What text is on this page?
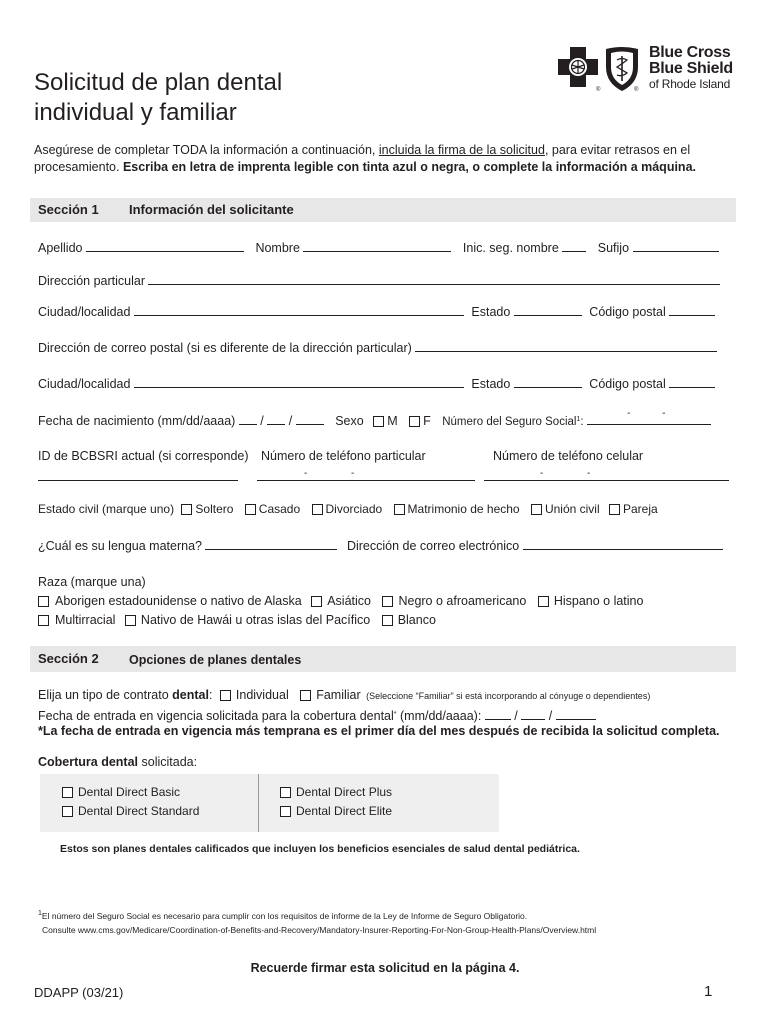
Solicitud de plan dental
individual y familiar
®	®
Blue Cross
Blue Shield
of Rhode Island
Asegúrese de completar TODA la información a continuación, incluida la firma de la solicitud, para evitar retrasos en el procesamiento. Escriba en letra de imprenta legible con tinta azul o negra, o complete la información a máquina.
Sección 1 Información del solicitante
Apellido	Nombre	Inic. seg. nombre	Sufijo
Dirección particular
Ciudad/localidad	Estado	Código postal
Dirección de correo postal (si es diferente de la dirección particular)
Ciudad/localidad	Estado	Código postal
Fecha de nacimiento (mm/dd/aaaa) / /	Sexo M F Número del Seguro Social$^1$:
-	-
ID de BCBSRI actual (si corresponde) Número de teléfono particular	Número de teléfono celular
-	-	-	-
Estado civil (marque uno) Soltero Casado Divorciado Matrimonio de hecho Unión civil Pareja
¿Cuál es su lengua materna?	Dirección de correo electrónico
Raza (marque una)
Aborigen estadounidense o nativo de Alaska Asiático Negro o afroamericano Hispano o latino
Multirracial Nativo de Hawái u otras islas del Pacífico Blanco
Sección 2 Opciones de planes dentales
Elija un tipo de contrato dental: Individual Familiar (Seleccione “Familiar” si está incorporando al cónyuge o dependientes)
Fecha de entrada en vigencia solicitada para la cobertura dental* (mm/dd/aaaa):	/ /
*La fecha de entrada en vigencia más temprana es el primer día del mes después de recibida la solicitud completa.
Cobertura dental solicitada:
Dental Direct Basic
Dental Direct Standard
Dental Direct Plus
Dental Direct Elite
Estos son planes dentales calificados que incluyen los beneficios esenciales de salud dental pediátrica.
$^1$El número del Seguro Social es necesario para cumplir con los requisitos de informe de la Ley de Informe de Seguro Obligatorio.
Consulte www.cms.gov/Medicare/Coordination-of-Benefits-and-Recovery/Mandatory-Insurer-Reporting-For-Non-Group-Health-Plans/Overview.html
Recuerde firmar esta solicitud en la página 4.
DDAPP (03/21)	1
